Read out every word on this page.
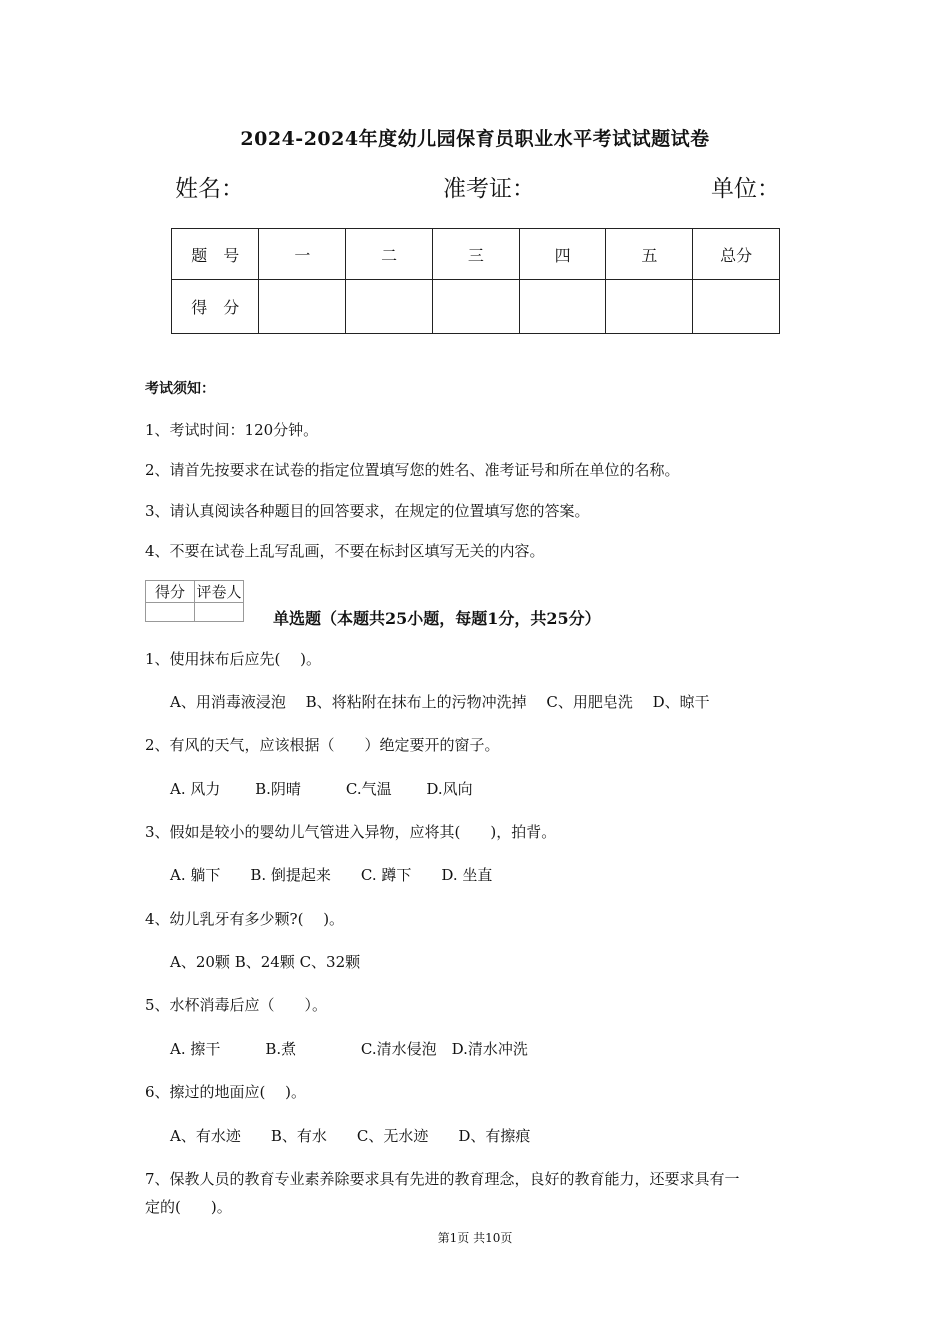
2024-2024年度幼儿园保育员职业水平考试试题试卷
姓名：	准考证：	单位：
题　号	一	二	三	四	五	总分
得　分						
考试须知：
1、考试时间：120分钟。
2、请首先按要求在试卷的指定位置填写您的姓名、准考证号和所在单位的名称。
3、请认真阅读各种题目的回答要求，在规定的位置填写您的答案。
4、不要在试卷上乱写乱画，不要在标封区填写无关的内容。
得分	评卷人

单选题（本题共25小题，每题1分，共25分）
1、使用抹布后应先(　 )。
A、用消毒液浸泡　 B、将粘附在抹布上的污物冲洗掉　 C、用肥皂洗　 D、晾干
2、有风的天气，应该根据（　　）绝定要开的窗子。
A. 风力　　 B.阴晴　　　C.气温　　 D.风向
3、假如是较小的婴幼儿气管进入异物，应将其(　　)，拍背。
A. 躺下　　B. 倒提起来　　C. 蹲下　　D. 坐直
4、幼儿乳牙有多少颗?(　 )。
A、20颗 B、24颗 C、32颗
5、水杯消毒后应（　　）。
A. 擦干　　　B.煮　　　　 C.清水侵泡　D.清水冲洗
6、擦过的地面应(　 )。
A、有水迹　　B、有水　　C、无水迹　　D、有擦痕
7、保教人员的教育专业素养除要求具有先进的教育理念，良好的教育能力，还要求具有一
定的(　　)。
第1页 共10页
